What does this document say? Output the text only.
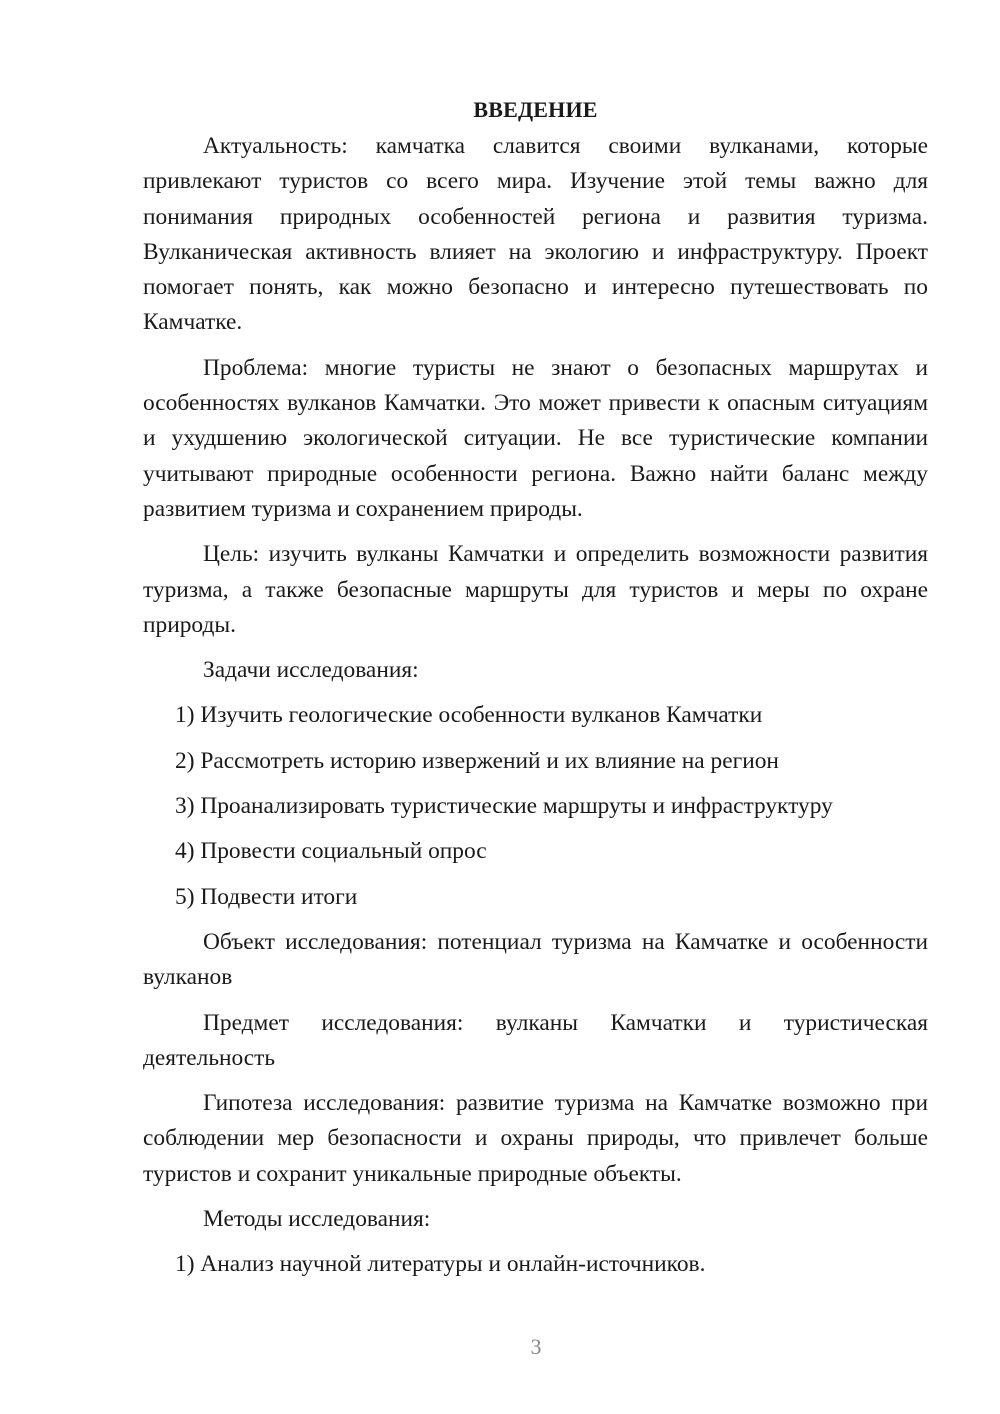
ВВЕДЕНИЕ

Актуальность: камчатка славится своими вулканами, которые привлекают туристов со всего мира. Изучение этой темы важно для понимания природных особенностей региона и развития туризма. Вулканическая активность влияет на экологию и инфраструктуру. Проект помогает понять, как можно безопасно и интересно путешествовать по Камчатке.

Проблема: многие туристы не знают о безопасных маршрутах и особенностях вулканов Камчатки. Это может привести к опасным ситуациям и ухудшению экологической ситуации. Не все туристические компании учитывают природные особенности региона. Важно найти баланс между развитием туризма и сохранением природы.

Цель: изучить вулканы Камчатки и определить возможности развития туризма, а также безопасные маршруты для туристов и меры по охране природы.

Задачи исследования:

1) Изучить геологические особенности вулканов Камчатки
2) Рассмотреть историю извержений и их влияние на регион
3) Проанализировать туристические маршруты и инфраструктуру
4) Провести социальный опрос
5) Подвести итоги

Объект исследования: потенциал туризма на Камчатке и особенности вулканов

Предмет исследования: вулканы Камчатки и туристическая деятельность

Гипотеза исследования: развитие туризма на Камчатке возможно при соблюдении мер безопасности и охраны природы, что привлечет больше туристов и сохранит уникальные природные объекты.

Методы исследования:

1) Анализ научной литературы и онлайн-источников.
3
